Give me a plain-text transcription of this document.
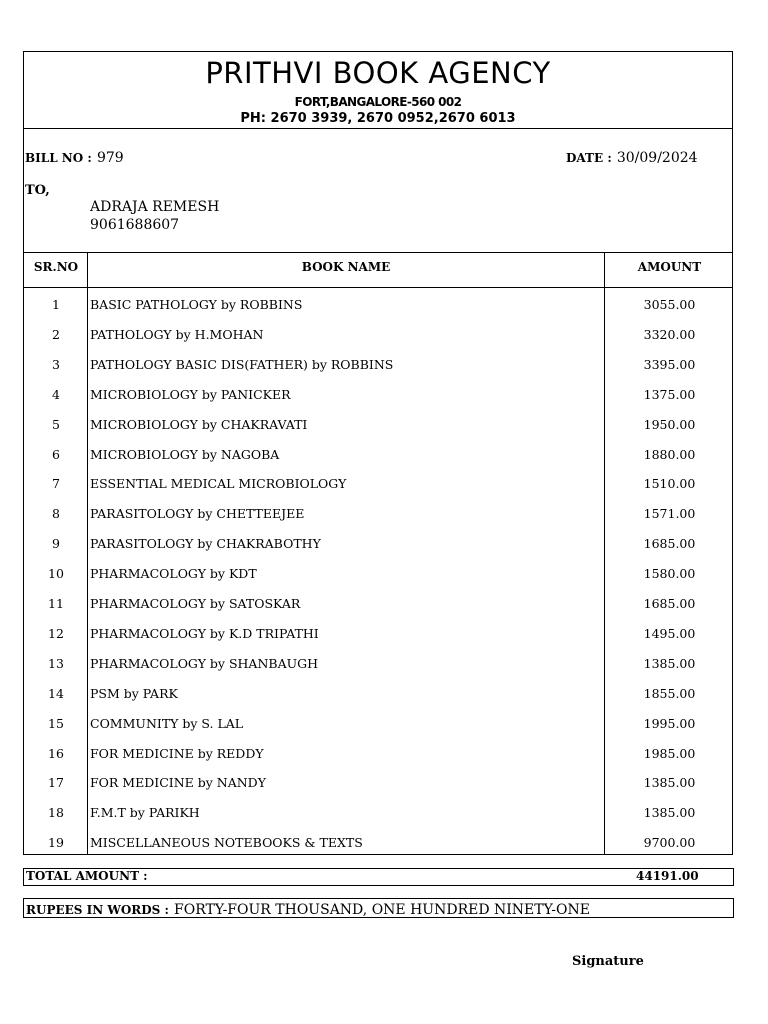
PRITHVI BOOK AGENCY
FORT,BANGALORE-560 002
PH: 2670 3939, 2670 0952,2670 6013
BILL NO : 979	DATE : 30/09/2024
TO,
ADRAJA REMESH
9061688607
SR.NO	BOOK NAME	AMOUNT
1	BASIC PATHOLOGY by ROBBINS	3055.00
2	PATHOLOGY by H.MOHAN	3320.00
3	PATHOLOGY BASIC DIS(FATHER) by ROBBINS	3395.00
4	MICROBIOLOGY by PANICKER	1375.00
5	MICROBIOLOGY by CHAKRAVATI	1950.00
6	MICROBIOLOGY by NAGOBA	1880.00
7	ESSENTIAL MEDICAL MICROBIOLOGY	1510.00
8	PARASITOLOGY by CHETTEEJEE	1571.00
9	PARASITOLOGY by CHAKRABOTHY	1685.00
10	PHARMACOLOGY by KDT	1580.00
11	PHARMACOLOGY by SATOSKAR	1685.00
12	PHARMACOLOGY by K.D TRIPATHI	1495.00
13	PHARMACOLOGY by SHANBAUGH	1385.00
14	PSM by PARK	1855.00
15	COMMUNITY by S. LAL	1995.00
16	FOR MEDICINE by REDDY	1985.00
17	FOR MEDICINE by NANDY	1385.00
18	F.M.T by PARIKH	1385.00
19	MISCELLANEOUS NOTEBOOKS & TEXTS	9700.00
TOTAL AMOUNT :	44191.00
RUPEES IN WORDS : FORTY-FOUR THOUSAND, ONE HUNDRED NINETY-ONE
Signature
